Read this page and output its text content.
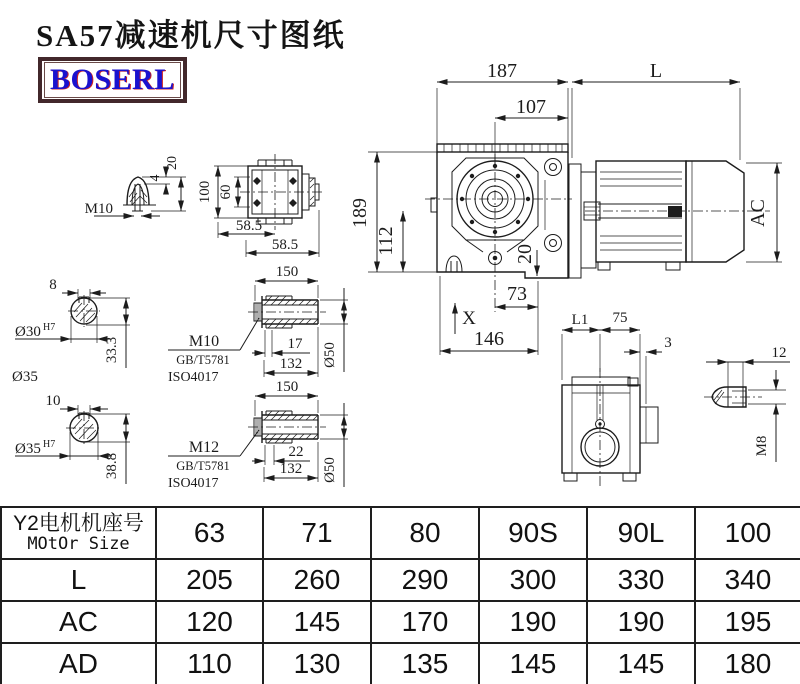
SA57减速机尺寸图纸
BOSERL	187	L
107
189
112	20
73
X
146
AC
100 60
58.5
58.5
M10
4
20
8
Ø30 H7
33.3
Ø35
10
Ø35 H7
38.8
150
17
132 Ø50
150
22
132 Ø50
M10
GB/T5781
ISO4017
M12
GB/T5781
ISO4017
L1 75
3
12
M8
Y2电机机座号
MOtOr Size	63	71	80	90S	90L	100
L	205	260	290	300	330	340
AC	120	145	170	190	190	195
AD	110	130	135	145	145	180
